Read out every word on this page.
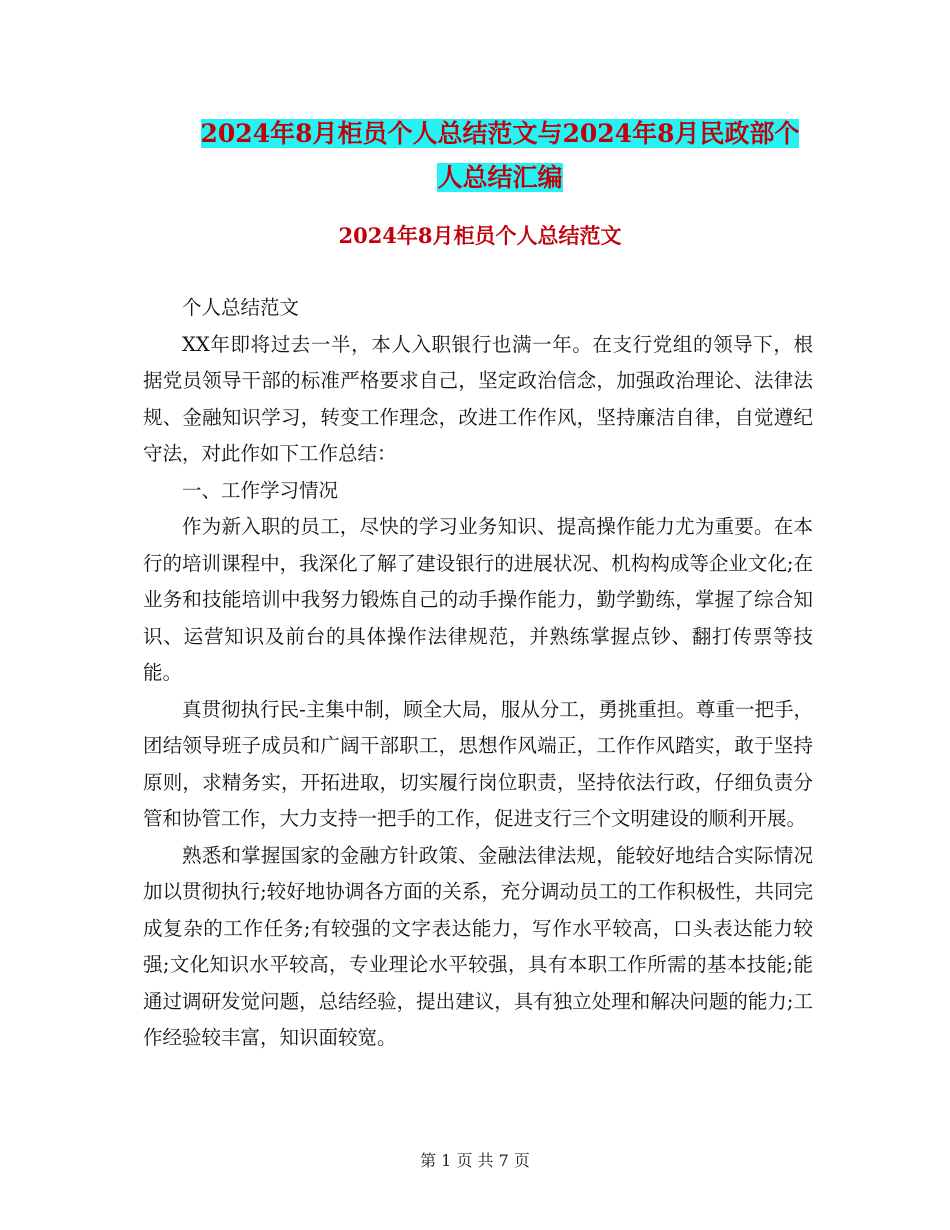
2024年8月柜员个人总结范文与2024年8月民政部个
人总结汇编
2024年8月柜员个人总结范文

个人总结范文

XX年即将过去一半，本人入职银行也满一年。在支行党组的领导下，根据党员领导干部的标准严格要求自己，坚定政治信念，加强政治理论、法律法规、金融知识学习，转变工作理念，改进工作作风，坚持廉洁自律，自觉遵纪守法，对此作如下工作总结：

一、工作学习情况

作为新入职的员工，尽快的学习业务知识、提高操作能力尤为重要。在本行的培训课程中，我深化了解了建设银行的进展状况、机构构成等企业文化;在业务和技能培训中我努力锻炼自己的动手操作能力，勤学勤练，掌握了综合知识、运营知识及前台的具体操作法律规范，并熟练掌握点钞、翻打传票等技能。

真贯彻执行民-主集中制，顾全大局，服从分工，勇挑重担。尊重一把手，团结领导班子成员和广阔干部职工，思想作风端正，工作作风踏实，敢于坚持原则，求精务实，开拓进取，切实履行岗位职责，坚持依法行政，仔细负责分管和协管工作，大力支持一把手的工作，促进支行三个文明建设的顺利开展。

熟悉和掌握国家的金融方针政策、金融法律法规，能较好地结合实际情况加以贯彻执行;较好地协调各方面的关系，充分调动员工的工作积极性，共同完成复杂的工作任务;有较强的文字表达能力，写作水平较高，口头表达能力较强;文化知识水平较高，专业理论水平较强，具有本职工作所需的基本技能;能通过调研发觉问题，总结经验，提出建议，具有独立处理和解决问题的能力;工作经验较丰富，知识面较宽。

第 1 页 共 7 页
